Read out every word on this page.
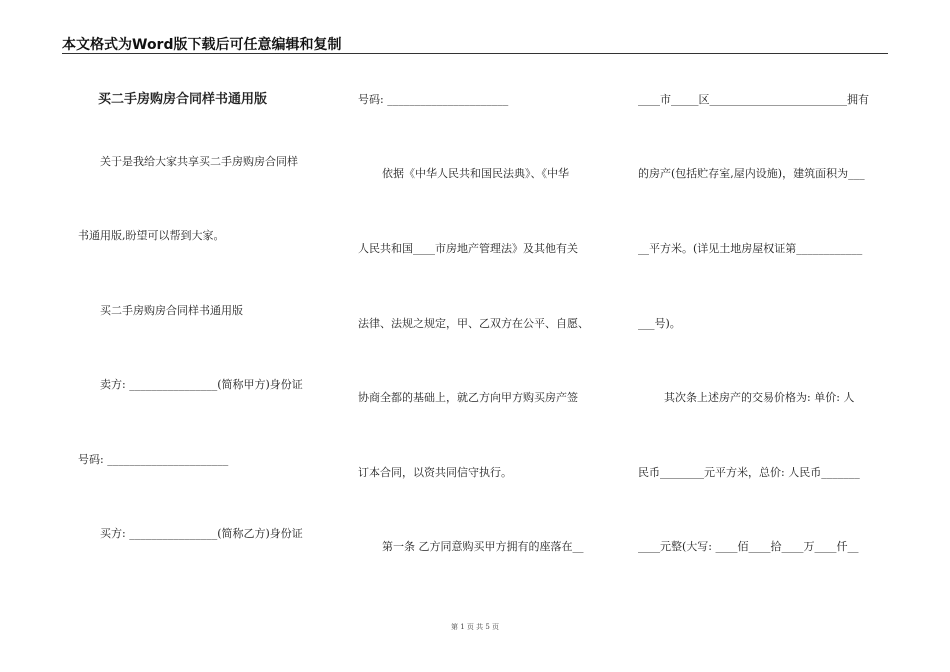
本文格式为Word版下载后可任意编辑和复制
买二手房购房合同样书通用版
关于是我给大家共享买二手房购房合同样
书通用版,盼望可以帮到大家。
买二手房购房合同样书通用版
卖方: ________________(简称甲方)身份证
号码: ______________________
买方: ________________(简称乙方)身份证
号码: ______________________
依据《中华人民共和国民法典》、《中华
人民共和国____市房地产管理法》及其他有关
法律、法规之规定，甲、乙双方在公平、自愿、
协商全都的基础上，就乙方向甲方购买房产签
订本合同，以资共同信守执行。
第一条 乙方同意购买甲方拥有的座落在__
____市_____区_________________________拥有
的房产(包括贮存室,屋内设施)，建筑面积为___
__平方米。(详见土地房屋权证第____________
___号)。
其次条上述房产的交易价格为: 单价: 人
民币________元平方米，总价: 人民币_______
____元整(大写: ____佰____拾____万____仟__
第 1 页 共 5 页
